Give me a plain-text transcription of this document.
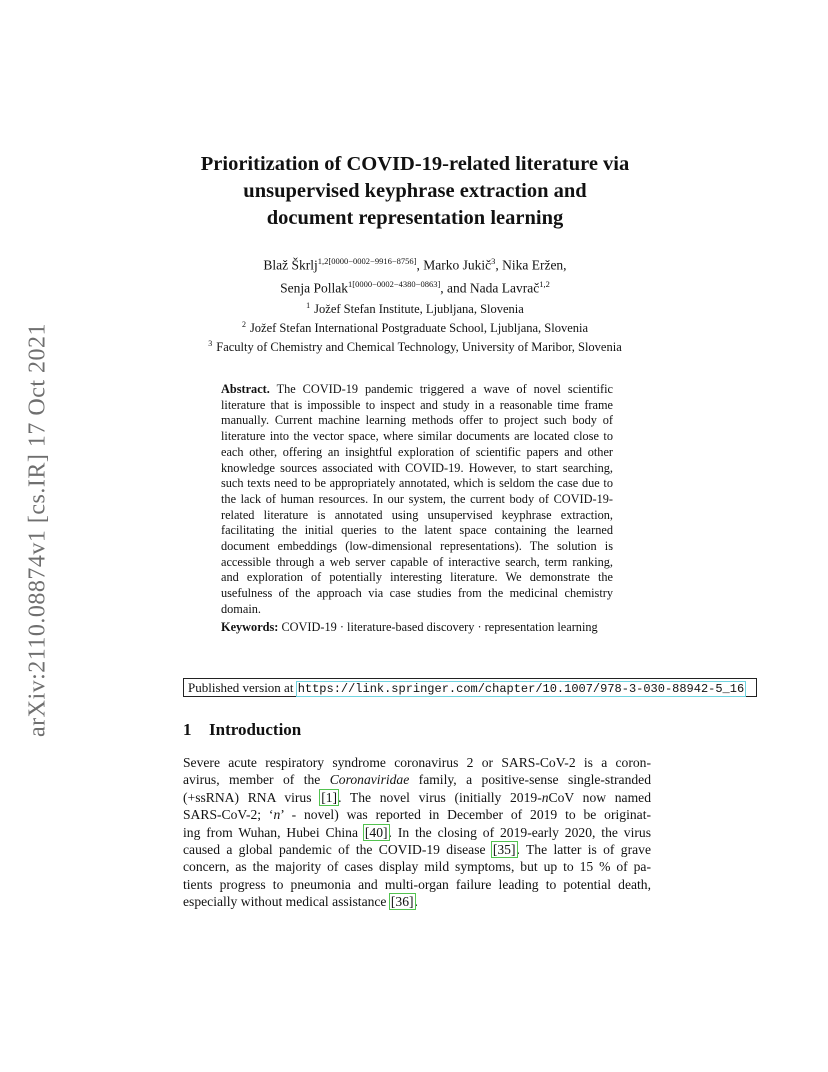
arXiv:2110.08874v1 [cs.IR] 17 Oct 2021
Prioritization of COVID-19-related literature via
unsupervised keyphrase extraction and
document representation learning
Blaž Škrlj$^{1,2[0000-0002-9916-8756]}$, Marko Jukič$^3$, Nika Eržen,
Senja Pollak$^{1[0000-0002-4380-0863]}$, and Nada Lavrač$^{1,2}$
$^1$ Jožef Stefan Institute, Ljubljana, Slovenia
$^2$ Jožef Stefan International Postgraduate School, Ljubljana, Slovenia
$^3$ Faculty of Chemistry and Chemical Technology, University of Maribor, Slovenia
Abstract. The COVID-19 pandemic triggered a wave of novel scientific literature that is impossible to inspect and study in a reasonable time frame manually. Current machine learning methods offer to project such body of literature into the vector space, where similar documents are located close to each other, offering an insightful exploration of scientific papers and other knowledge sources associated with COVID-19. However, to start searching, such texts need to be appropriately annotated, which is seldom the case due to the lack of human resources. In our system, the current body of COVID-19-related literature is annotated using unsupervised keyphrase extraction, facilitating the initial queries to the latent space containing the learned document embeddings (low-dimensional representations). The solution is accessible through a web server capable of interactive search, term ranking, and exploration of potentially interesting literature. We demonstrate the usefulness of the approach via case studies from the medicinal chemistry domain.
Keywords: COVID-19 · literature-based discovery · representation learning
Published version at https://link.springer.com/chapter/10.1007/978-3-030-88942-5_16
1 Introduction
Severe acute respiratory syndrome coronavirus 2 or SARS-CoV-2 is a coron-
avirus, member of the Coronaviridae family, a positive-sense single-stranded
(+ssRNA) RNA virus [1]. The novel virus (initially 2019-nCoV now named
SARS-CoV-2; ‘n’ - novel) was reported in December of 2019 to be originat-
ing from Wuhan, Hubei China [40]. In the closing of 2019-early 2020, the virus
caused a global pandemic of the COVID-19 disease [35]. The latter is of grave
concern, as the majority of cases display mild symptoms, but up to 15 % of pa-
tients progress to pneumonia and multi-organ failure leading to potential death,
especially without medical assistance [36].
